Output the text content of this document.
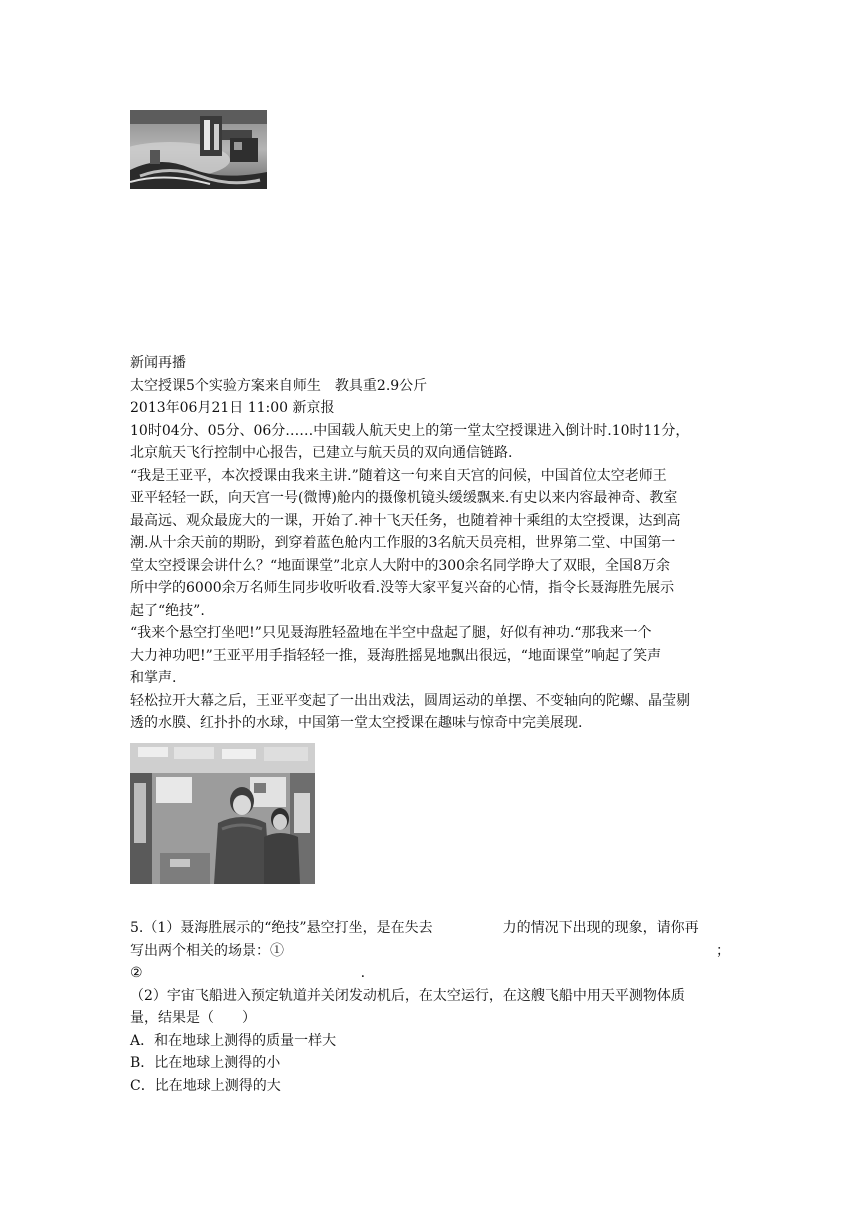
新闻再播
太空授课5个实验方案来自师生　教具重2.9公斤
2013年06月21日 11:00 新京报
10时04分、05分、06分……中国载人航天史上的第一堂太空授课进入倒计时.10时11分，
北京航天飞行控制中心报告，已建立与航天员的双向通信链路.
“我是王亚平，本次授课由我来主讲.”随着这一句来自天宫的问候，中国首位太空老师王
亚平轻轻一跃，向天宫一号(微博)舱内的摄像机镜头缓缓飘来.有史以来内容最神奇、教室
最高远、观众最庞大的一课，开始了.神十飞天任务，也随着神十乘组的太空授课，达到高
潮.从十余天前的期盼，到穿着蓝色舱内工作服的3名航天员亮相，世界第二堂、中国第一
堂太空授课会讲什么？“地面课堂”北京人大附中的300余名同学睁大了双眼，全国8万余
所中学的6000余万名师生同步收听收看.没等大家平复兴奋的心情，指令长聂海胜先展示
起了“绝技”.
“我来个悬空打坐吧!”只见聂海胜轻盈地在半空中盘起了腿，好似有神功.“那我来一个
大力神功吧!”王亚平用手指轻轻一推，聂海胜摇晃地飘出很远，“地面课堂”响起了笑声
和掌声.
轻松拉开大幕之后，王亚平变起了一出出戏法，圆周运动的单摆、不变轴向的陀螺、晶莹剔
透的水膜、红扑扑的水球，中国第一堂太空授课在趣味与惊奇中完美展现.
5.（1）聂海胜展示的“绝技”悬空打坐，是在失去	力的情况下出现的现象，请你再
写出两个相关的场景：①	；
②	.
（2）宇宙飞船进入预定轨道并关闭发动机后，在太空运行，在这艘飞船中用天平测物体质
量，结果是（　　）
A．和在地球上测得的质量一样大
B．比在地球上测得的小
C．比在地球上测得的大
